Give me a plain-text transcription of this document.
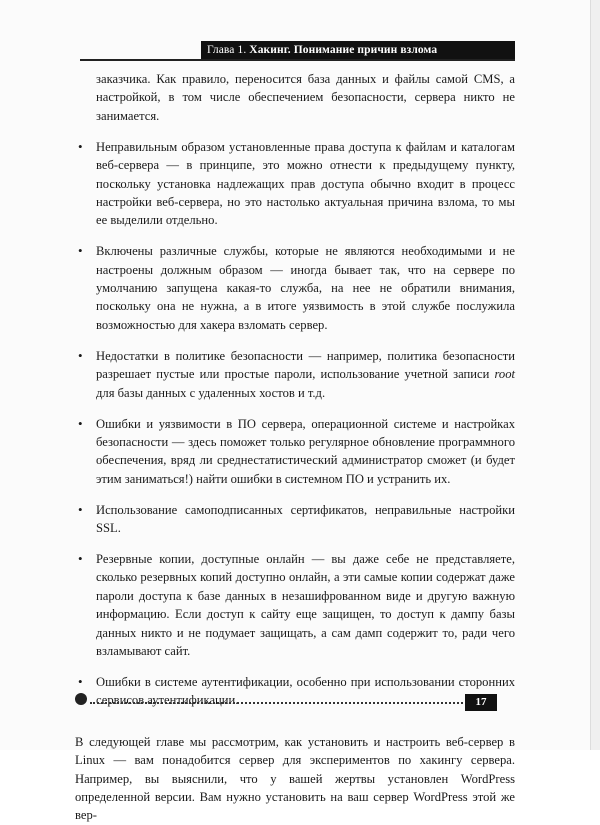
Глава 1. Хакинг. Понимание причин взлома

заказчика. Как правило, переносится база данных и файлы самой CMS, а настройкой, в том числе обеспечением безопасности, сервера никто не занимается.

• Неправильным образом установленные права доступа к файлам и каталогам веб-сервера — в принципе, это можно отнести к предыдущему пункту, поскольку установка надлежащих прав доступа обычно входит в процесс настройки веб-сервера, но это настолько актуальная причина взлома, то мы ее выделили отдельно.
• Включены различные службы, которые не являются необходимыми и не настроены должным образом — иногда бывает так, что на сервере по умолчанию запущена какая-то служба, на нее не обратили внимания, поскольку она не нужна, а в итоге уязвимость в этой службе послужила возможностью для хакера взломать сервер.
• Недостатки в политике безопасности — например, политика безопасности разрешает пустые или простые пароли, использование учетной записи root для базы данных с удаленных хостов и т.д.
• Ошибки и уязвимости в ПО сервера, операционной системе и настройках безопасности — здесь поможет только регулярное обновление программного обеспечения, вряд ли среднестатистический администратор сможет (и будет этим заниматься!) найти ошибки в системном ПО и устранить их.
• Использование самоподписанных сертификатов, неправильные настройки SSL.
• Резервные копии, доступные онлайн — вы даже себе не представляете, сколько резервных копий доступно онлайн, а эти самые копии содержат даже пароли доступа к базе данных в незашифрованном виде и другую важную информацию. Если доступ к сайту еще защищен, то доступ к дампу базы данных никто и не подумает защищать, а сам дамп содержит то, ради чего взламывают сайт.
• Ошибки в системе аутентификации, особенно при использовании сторонних сервисов аутентификации.

В следующей главе мы рассмотрим, как установить и настроить веб-сервер в Linux — вам понадобится сервер для экспериментов по хакингу сервера. Например, вы выяснили, что у вашей жертвы установлен WordPress определенной версии. Вам нужно установить на ваш сервер WordPress этой же вер-

17
